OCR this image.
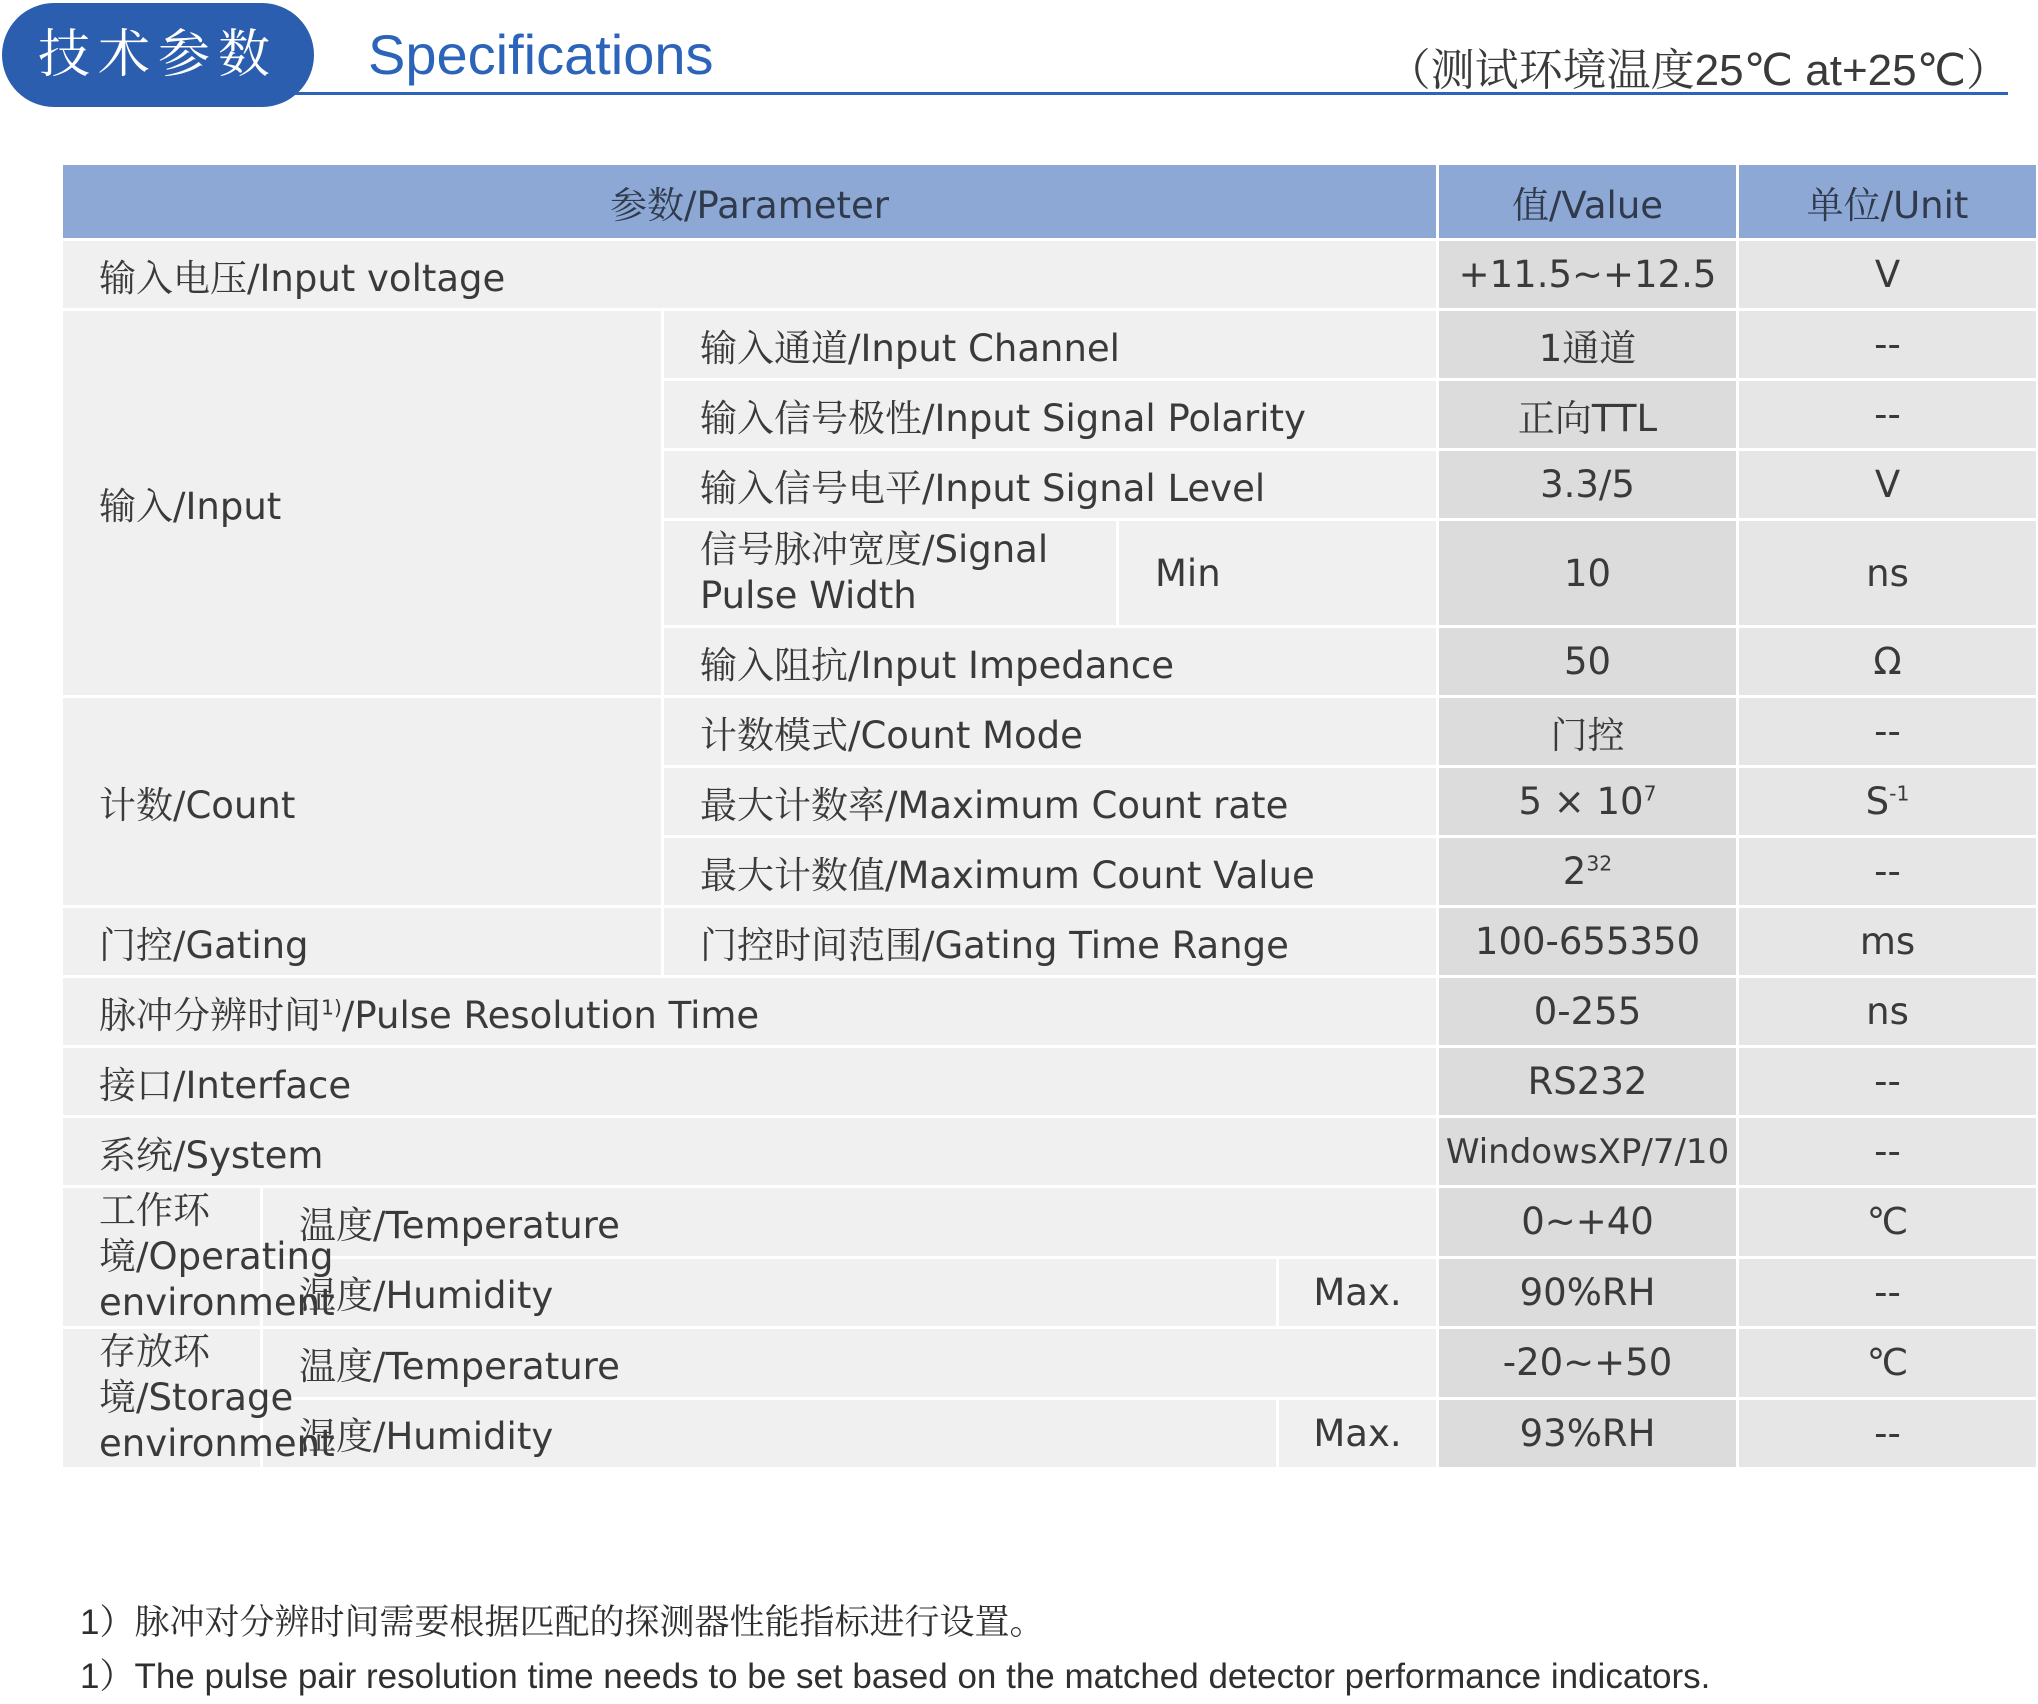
技术参数	Specifications	（测试环境温度25℃ at+25℃）
参数/Parameter					值/Value	单位/Unit
输入电压/Input voltage					+11.5~+12.5	V
输入/Input		输入通道/Input Channel			1通道	--
		输入信号极性/Input Signal Polarity			正向TTL	--
		输入信号电平/Input Signal Level			3.3/5	V
		信号脉冲宽度/Signal Pulse Width	Min		10	ns
		输入阻抗/Input Impedance			50	Ω
计数/Count		计数模式/Count Mode			门控	--
		最大计数率/Maximum Count rate			$5 \times 10^7$	$S^{-1}$
		最大计数值/Maximum Count Value			$2^{32}$	--
门控/Gating		门控时间范围/Gating Time Range			100-655350	ms
脉冲分辨时间$^{1)}$/Pulse Resolution Time					0-255	ns
接口/Interface					RS232	--
系统/System					WindowsXP/7/10	--
工作环境/Operating environment	温度/Temperature				0~+40	℃
	湿度/Humidity			Max.	90%RH	--
存放环境/Storage environment	温度/Temperature				-20~+50	℃
	湿度/Humidity			Max.	93%RH	--
1）脉冲对分辨时间需要根据匹配的探测器性能指标进行设置。
1）The pulse pair resolution time needs to be set based on the matched detector performance indicators.
